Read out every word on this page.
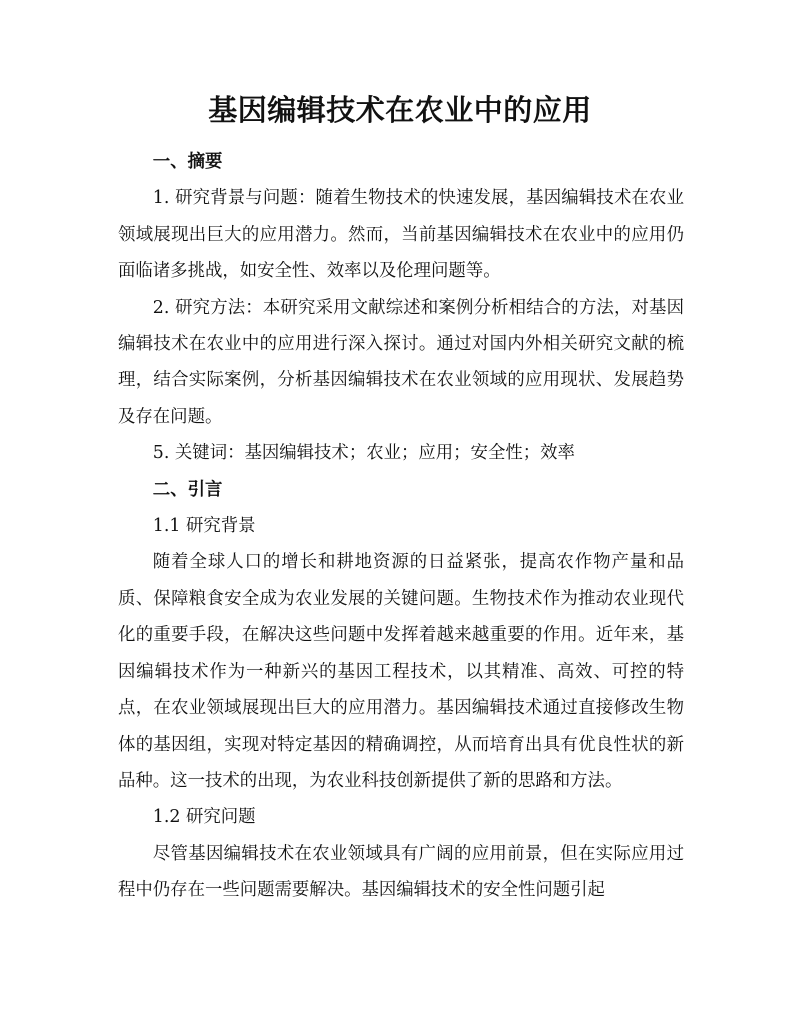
基因编辑技术在农业中的应用
一、摘要

1. 研究背景与问题：随着生物技术的快速发展，基因编辑技术在农业领域展现出巨大的应用潜力。然而，当前基因编辑技术在农业中的应用仍面临诸多挑战，如安全性、效率以及伦理问题等。

2. 研究方法：本研究采用文献综述和案例分析相结合的方法，对基因编辑技术在农业中的应用进行深入探讨。通过对国内外相关研究文献的梳理，结合实际案例，分析基因编辑技术在农业领域的应用现状、发展趋势及存在问题。

5. 关键词：基因编辑技术；农业；应用；安全性；效率

二、引言
1.1 研究背景

随着全球人口的增长和耕地资源的日益紧张，提高农作物产量和品质、保障粮食安全成为农业发展的关键问题。生物技术作为推动农业现代化的重要手段，在解决这些问题中发挥着越来越重要的作用。近年来，基因编辑技术作为一种新兴的基因工程技术，以其精准、高效、可控的特点，在农业领域展现出巨大的应用潜力。基因编辑技术通过直接修改生物体的基因组，实现对特定基因的精确调控，从而培育出具有优良性状的新品种。这一技术的出现，为农业科技创新提供了新的思路和方法。

1.2 研究问题

尽管基因编辑技术在农业领域具有广阔的应用前景，但在实际应用过程中仍存在一些问题需要解决。基因编辑技术的安全性问题引起
